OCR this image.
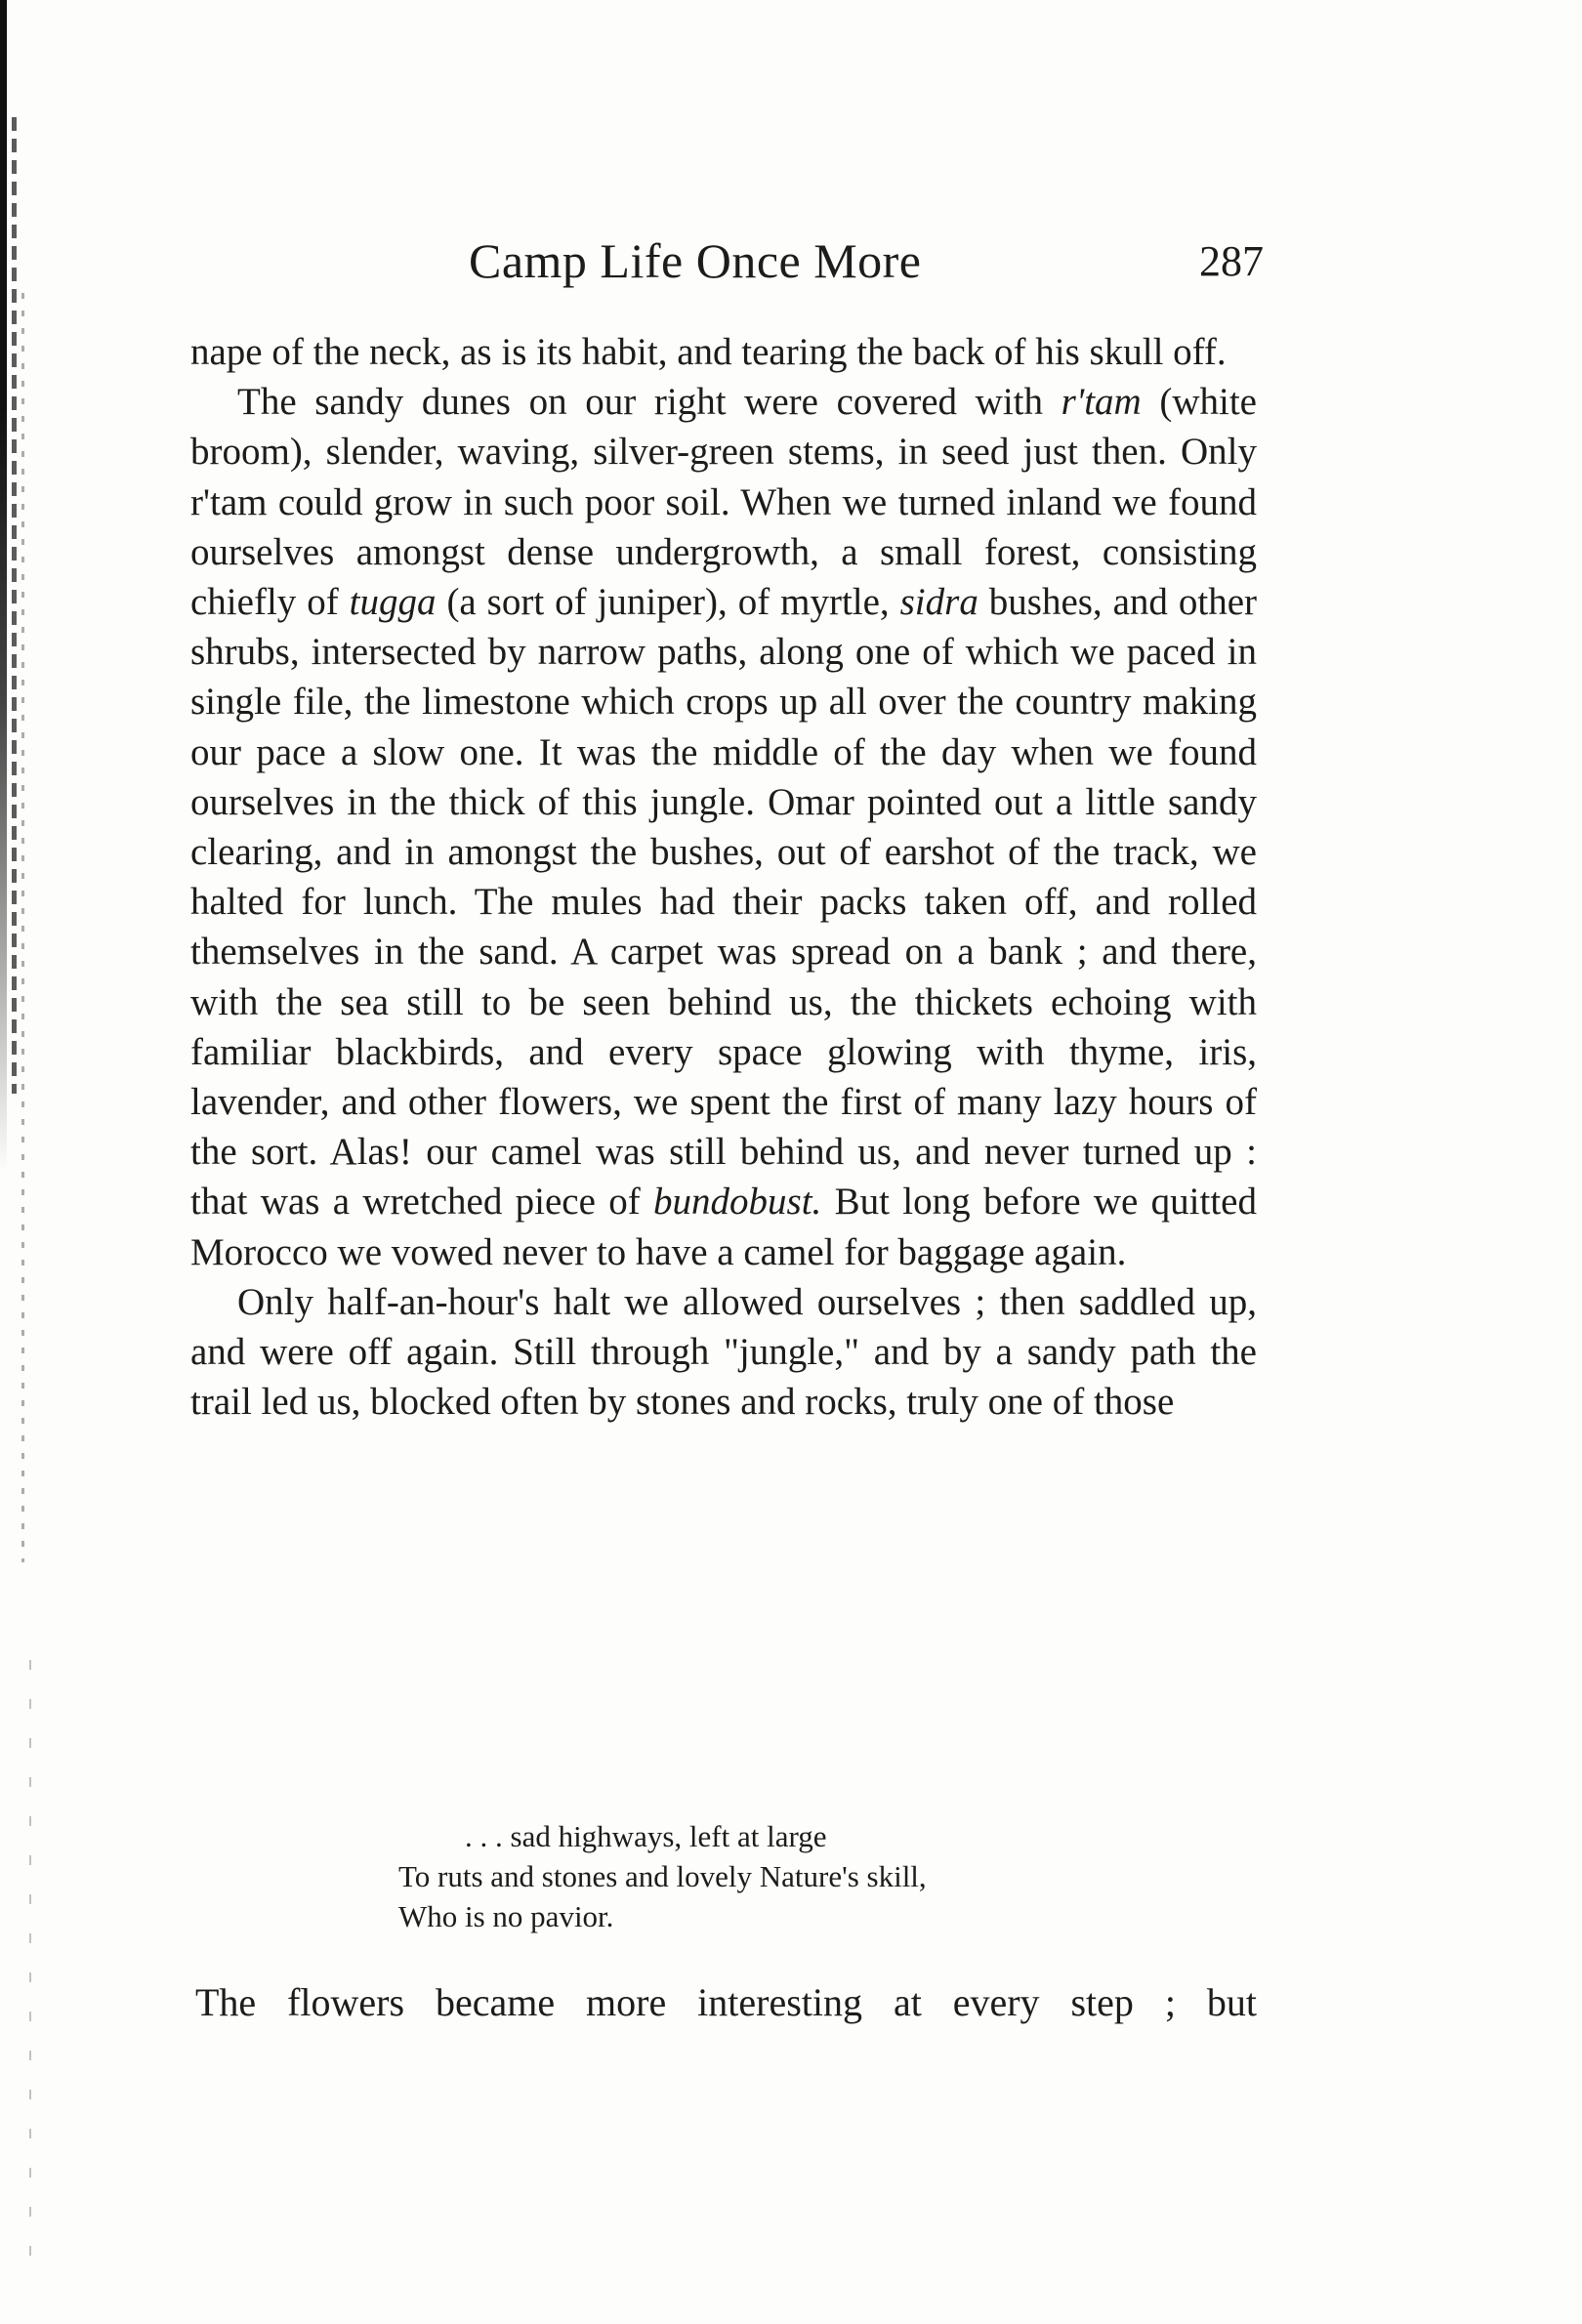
Camp Life Once More	287

nape of the neck, as is its habit, and tearing the back of his skull off.

The sandy dunes on our right were covered with r'tam (white broom), slender, waving, silver-green stems, in seed just then. Only r'tam could grow in such poor soil. When we turned inland we found ourselves amongst dense undergrowth, a small forest, consisting chiefly of tugga (a sort of juniper), of myrtle, sidra bushes, and other shrubs, intersected by narrow paths, along one of which we paced in single file, the limestone which crops up all over the country making our pace a slow one. It was the middle of the day when we found ourselves in the thick of this jungle. Omar pointed out a little sandy clearing, and in amongst the bushes, out of earshot of the track, we halted for lunch. The mules had their packs taken off, and rolled themselves in the sand. A carpet was spread on a bank ; and there, with the sea still to be seen behind us, the thickets echoing with familiar blackbirds, and every space glowing with thyme, iris, lavender, and other flowers, we spent the first of many lazy hours of the sort. Alas! our camel was still behind us, and never turned up : that was a wretched piece of bundobust. But long before we quitted Morocco we vowed never to have a camel for baggage again.

Only half-an-hour's halt we allowed ourselves ; then saddled up, and were off again. Still through "jungle," and by a sandy path the trail led us, blocked often by stones and rocks, truly one of those

. . . sad highways, left at large
To ruts and stones and lovely Nature's skill,
Who is no pavior.
The flowers became more interesting at every step ; but
